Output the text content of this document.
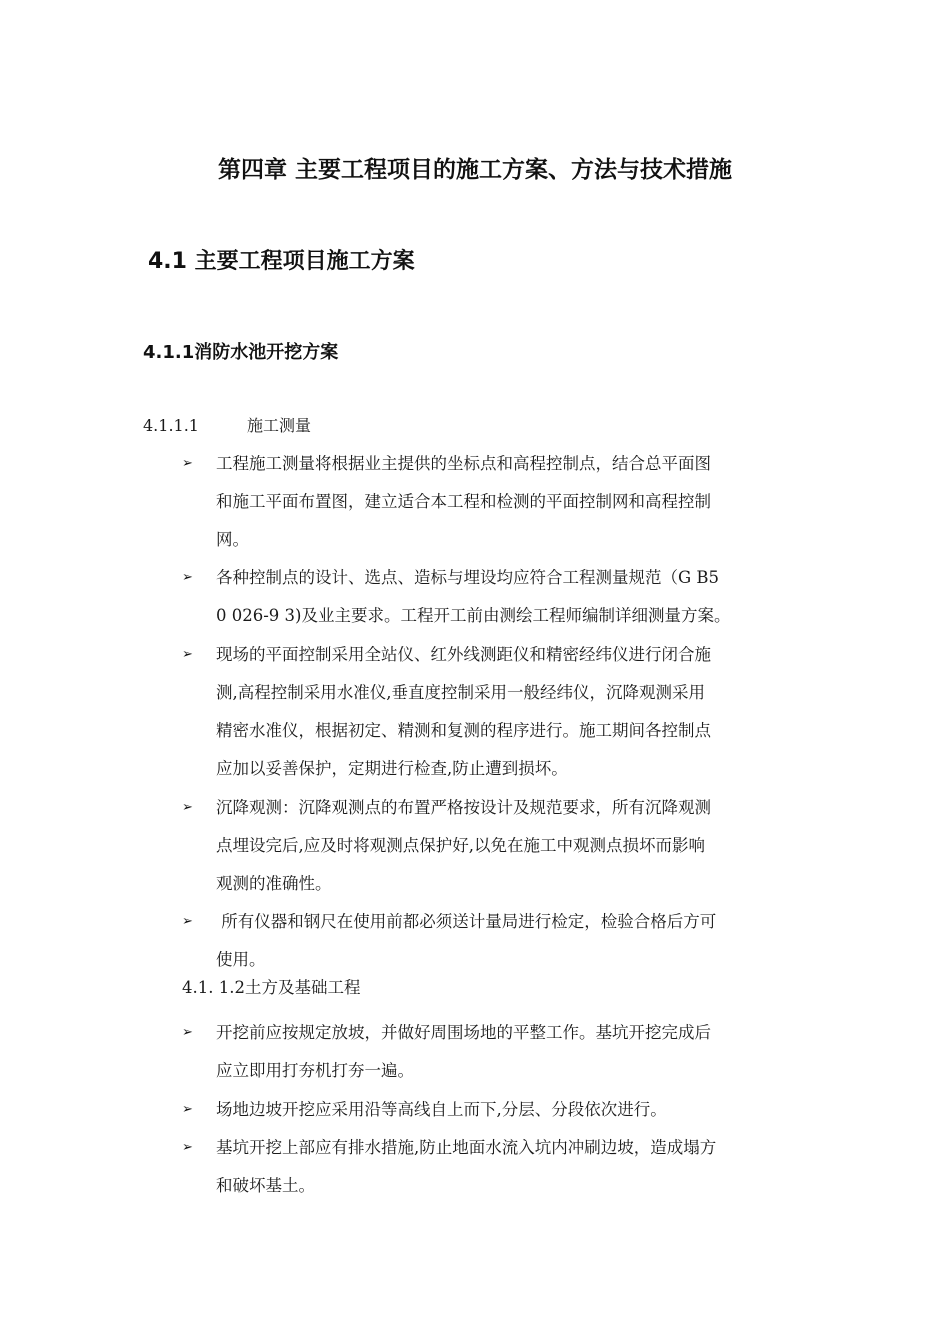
第四章 主要工程项目的施工方案、方法与技术措施
4.1 主要工程项目施工方案
4.1.1消防水池开挖方案
4.1.1.1	施工测量
➢ 工程施工测量将根据业主提供的坐标点和高程控制点，结合总平面图
和施工平面布置图，建立适合本工程和检测的平面控制网和高程控制
网。
➢ 各种控制点的设计、选点、造标与埋设均应符合工程测量规范（G B5
0 026-9 3)及业主要求。工程开工前由测绘工程师编制详细测量方案。
➢ 现场的平面控制采用全站仪、红外线测距仪和精密经纬仪进行闭合施
测,高程控制采用水准仪,垂直度控制采用一般经纬仪，沉降观测采用
精密水准仪，根据初定、精测和复测的程序进行。施工期间各控制点
应加以妥善保护，定期进行检查,防止遭到损坏。
➢ 沉降观测：沉降观测点的布置严格按设计及规范要求，所有沉降观测
点埋设完后,应及时将观测点保护好,以免在施工中观测点损坏而影响
观测的准确性。
➢ 所有仪器和钢尺在使用前都必须送计量局进行检定，检验合格后方可
使用。
4.1. 1.2土方及基础工程
➢ 开挖前应按规定放坡，并做好周围场地的平整工作。基坑开挖完成后
应立即用打夯机打夯一遍。
➢ 场地边坡开挖应采用沿等高线自上而下,分层、分段依次进行。
➢ 基坑开挖上部应有排水措施,防止地面水流入坑内冲刷边坡，造成塌方
和破坏基土。
